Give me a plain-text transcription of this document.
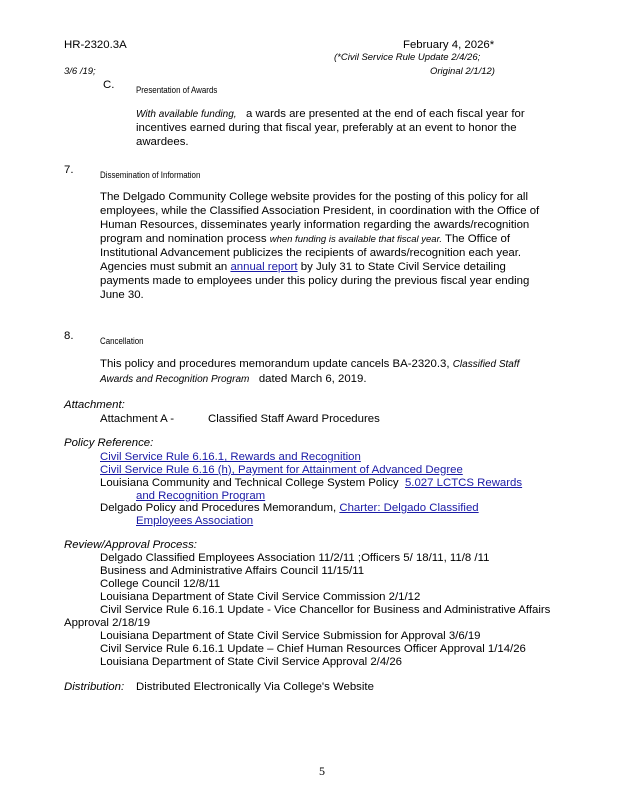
HR-2320.3A	February 4, 2026*
(*Civil Service Rule Update 2/4/26;
3/6 /19;	Original 2/1/12)
C. Presentation of Awards
With available funding, a wards are presented at the end of each fiscal year for
incentives earned during that fiscal year, preferably at an event to honor the
awardees.
7.	Dissemination of Information
The Delgado Community College website provides for the posting of this policy for all
employees, while the Classified Association President, in coordination with the Office of
Human Resources, disseminates yearly information regarding the awards/recognition
program and nomination process when funding is available that fiscal year. The Office of
Institutional Advancement publicizes the recipients of awards/recognition each year.
Agencies must submit an annual report by July 31 to State Civil Service detailing
payments made to employees under this policy during the previous fiscal year ending
June 30.
8.	Cancellation
This policy and procedures memorandum update cancels BA-2320.3, Classified Staff
Awards and Recognition Program dated March 6, 2019.
Attachment:
Attachment A -	Classified Staff Award Procedures
Policy Reference:
Civil Service Rule 6.16.1, Rewards and Recognition
Civil Service Rule 6.16 (h), Payment for Attainment of Advanced Degree
Louisiana Community and Technical College System Policy 5.027 LCTCS Rewards
and Recognition Program
Delgado Policy and Procedures Memorandum, Charter: Delgado Classified
Employees Association
Review/Approval Process:
Delgado Classified Employees Association 11/2/11 ;Officers 5/ 18/11, 11/8 /11
Business and Administrative Affairs Council 11/15/11
College Council 12/8/11
Louisiana Department of State Civil Service Commission 2/1/12
Civil Service Rule 6.16.1 Update - Vice Chancellor for Business and Administrative Affairs
Approval 2/18/19
Louisiana Department of State Civil Service Submission for Approval 3/6/19
Civil Service Rule 6.16.1 Update – Chief Human Resources Officer Approval 1/14/26
Louisiana Department of State Civil Service Approval 2/4/26
Distribution: Distributed Electronically Via College's Website
5
